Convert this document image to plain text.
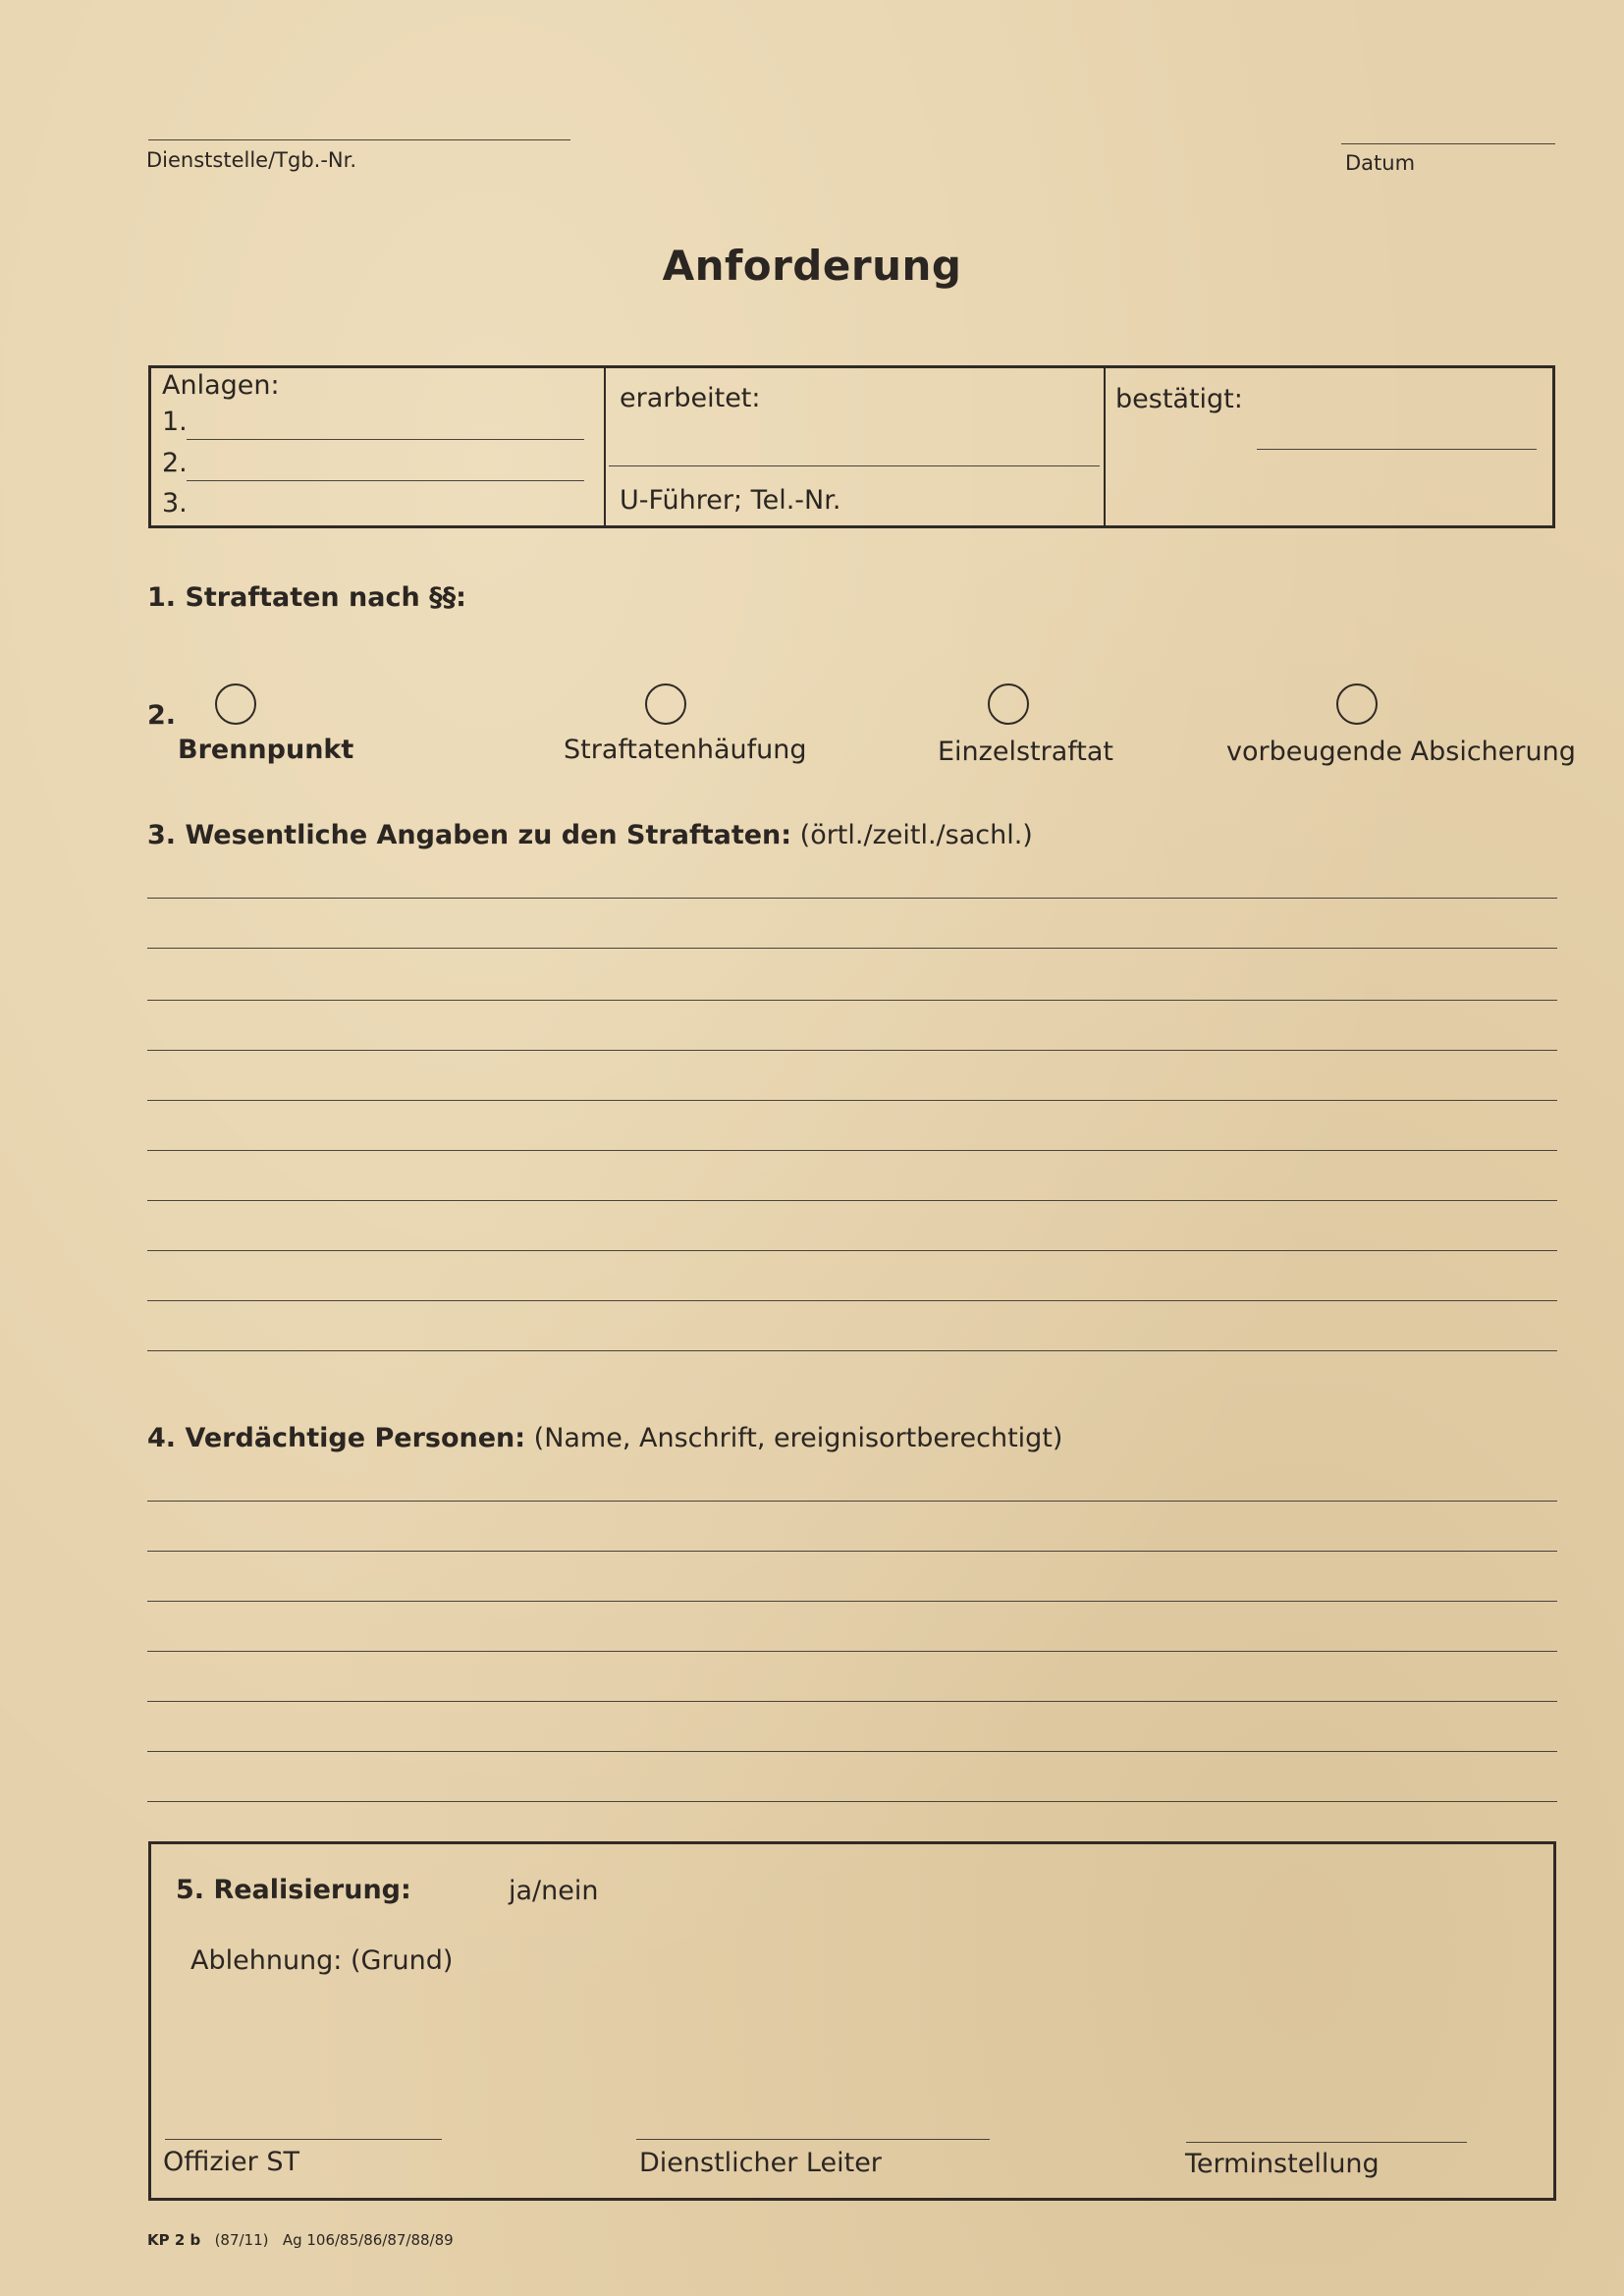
Dienststelle/Tgb.-Nr.	Datum
Anforderung
Anlagen:
1.
2.
3.
erarbeitet:
U-Führer; Tel.-Nr.
bestätigt:
1. Straftaten nach §§:
2.
Brennpunkt	Straftatenhäufung	Einzelstraftat	vorbeugende Absicherung
3. Wesentliche Angaben zu den Straftaten: (örtl./zeitl./sachl.)
4. Verdächtige Personen: (Name, Anschrift, ereignisortberechtigt)
5. Realisierung:	ja/nein
Ablehnung: (Grund)
Offizier ST	Dienstlicher Leiter	Terminstellung
KP 2 b (87/11) Ag 106/85/86/87/88/89
